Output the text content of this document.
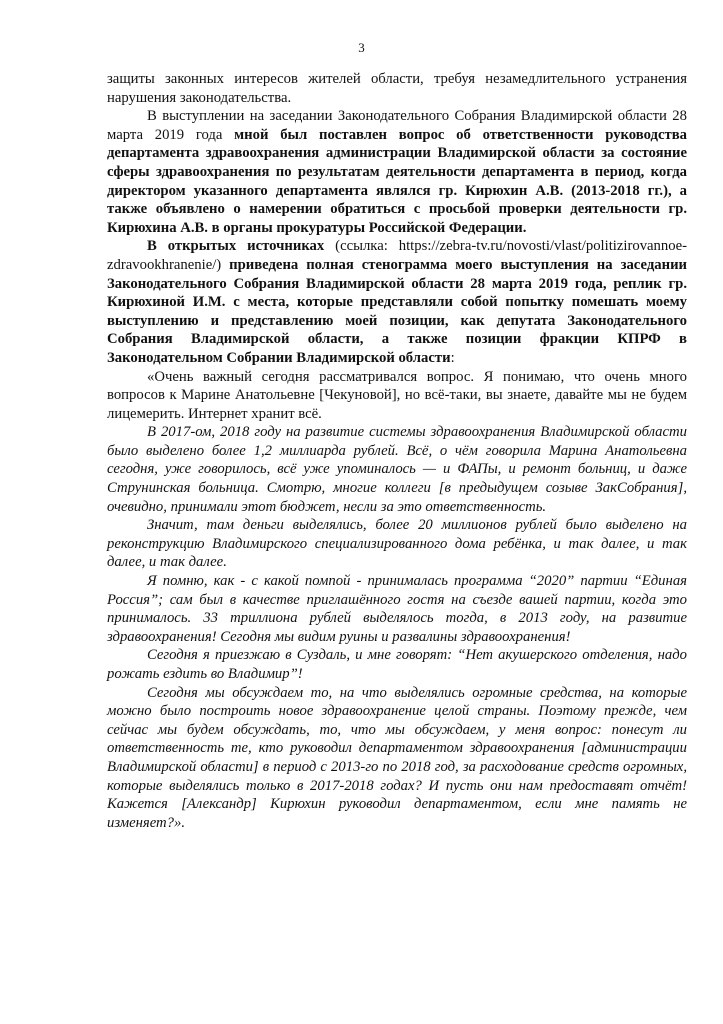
3

защиты законных интересов жителей области, требуя незамедлительного устранения нарушения законодательства.

В выступлении на заседании Законодательного Собрания Владимирской области 28 марта 2019 года мной был поставлен вопрос об ответственности руководства департамента здравоохранения администрации Владимирской области за состояние сферы здравоохранения по результатам деятельности департамента в период, когда директором указанного департамента являлся гр. Кирюхин А.В. (2013-2018 гг.), а также объявлено о намерении обратиться с просьбой проверки деятельности гр. Кирюхина А.В. в органы прокуратуры Российской Федерации.

В открытых источниках (ссылка: https://zebra-tv.ru/novosti/vlast/politizirovannoe-zdravookhranenie/) приведена полная стенограмма моего выступления на заседании Законодательного Собрания Владимирской области 28 марта 2019 года, реплик гр. Кирюхиной И.М. с места, которые представляли собой попытку помешать моему выступлению и представлению моей позиции, как депутата Законодательного Собрания Владимирской области, а также позиции фракции КПРФ в Законодательном Собрании Владимирской области:

«Очень важный сегодня рассматривался вопрос. Я понимаю, что очень много вопросов к Марине Анатольевне [Чекуновой], но всё-таки, вы знаете, давайте мы не будем лицемерить. Интернет хранит всё.

В 2017-ом, 2018 году на развитие системы здравоохранения Владимирской области было выделено более 1,2 миллиарда рублей. Всё, о чём говорила Марина Анатольевна сегодня, уже говорилось, всё уже упоминалось — и ФАПы, и ремонт больниц, и даже Струнинская больница. Смотрю, многие коллеги [в предыдущем созыве ЗакСобрания], очевидно, принимали этот бюджет, несли за это ответственность.

Значит, там деньги выделялись, более 20 миллионов рублей было выделено на реконструкцию Владимирского специализированного дома ребёнка, и так далее, и так далее, и так далее.

Я помню, как - с какой помпой - принималась программа “2020” партии “Единая Россия”; сам был в качестве приглашённого гостя на съезде вашей партии, когда это принималось. 33 триллиона рублей выделялось тогда, в 2013 году, на развитие здравоохранения! Сегодня мы видим руины и развалины здравоохранения!

Сегодня я приезжаю в Суздаль, и мне говорят: “Нет акушерского отделения, надо рожать ездить во Владимир”!

Сегодня мы обсуждаем то, на что выделялись огромные средства, на которые можно было построить новое здравоохранение целой страны. Поэтому прежде, чем сейчас мы будем обсуждать, то, что мы обсуждаем, у меня вопрос: понесут ли ответственность те, кто руководил департаментом здравоохранения [администрации Владимирской области] в период с 2013-го по 2018 год, за расходование средств огромных, которые выделялись только в 2017-2018 годах? И пусть они нам предоставят отчёт! Кажется [Александр] Кирюхин руководил департаментом, если мне память не изменяет?».
